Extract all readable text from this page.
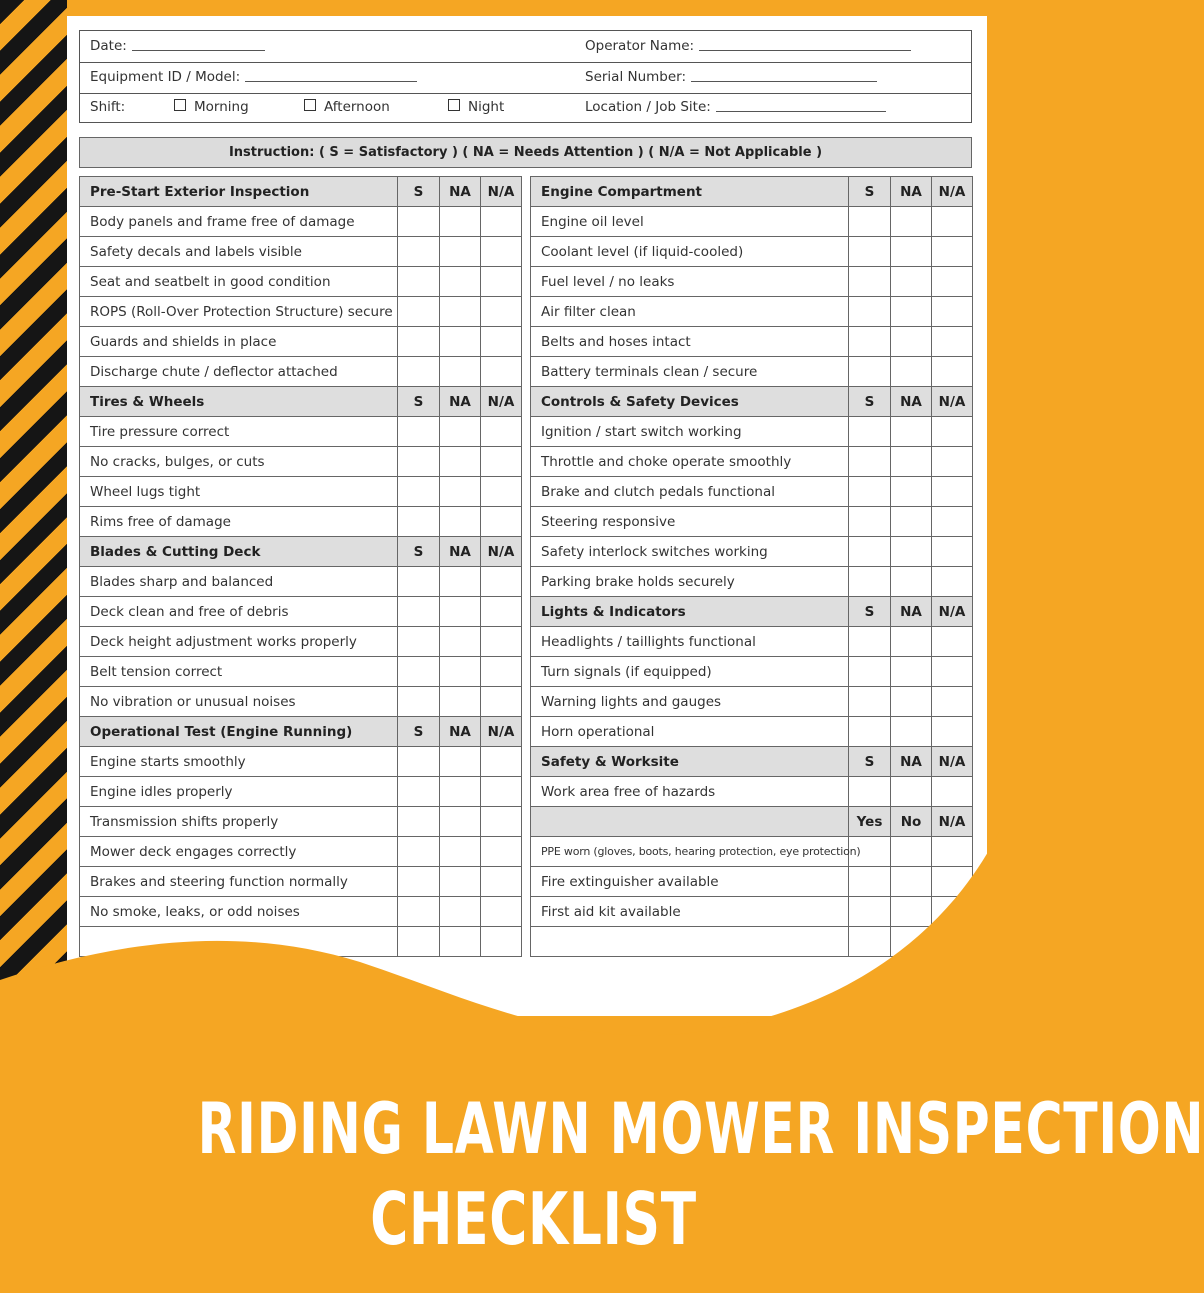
Date:	Operator Name:
Equipment ID / Model:	Serial Number:
Shift:	Morning	Afternoon	Night	Location / Job Site:
Instruction: ( S = Satisfactory ) ( NA = Needs Attention ) ( N/A = Not Applicable )
Pre-Start Exterior Inspection	S	NA	N/A
Body panels and frame free of damage			
Safety decals and labels visible			
Seat and seatbelt in good condition			
ROPS (Roll-Over Protection Structure) secure			
Guards and shields in place			
Discharge chute / deflector attached			
Tires & Wheels	S	NA	N/A
Tire pressure correct			
No cracks, bulges, or cuts			
Wheel lugs tight			
Rims free of damage			
Blades & Cutting Deck	S	NA	N/A
Blades sharp and balanced			
Deck clean and free of debris			
Deck height adjustment works properly			
Belt tension correct			
No vibration or unusual noises			
Operational Test (Engine Running)	S	NA	N/A
Engine starts smoothly			
Engine idles properly			
Transmission shifts properly			
Mower deck engages correctly			
Brakes and steering function normally			
No smoke, leaks, or odd noises			

Engine Compartment	S	NA	N/A
Engine oil level			
Coolant level (if liquid-cooled)			
Fuel level / no leaks			
Air filter clean			
Belts and hoses intact			
Battery terminals clean / secure			
Controls & Safety Devices	S	NA	N/A
Ignition / start switch working			
Throttle and choke operate smoothly			
Brake and clutch pedals functional			
Steering responsive			
Safety interlock switches working			
Parking brake holds securely			
Lights & Indicators	S	NA	N/A
Headlights / taillights functional			
Turn signals (if equipped)			
Warning lights and gauges			
Horn operational			
Safety & Worksite	S	NA	N/A
Work area free of hazards			
	Yes	No	N/A
PPE worn (gloves, boots, hearing protection, eye protection)			
Fire extinguisher available			
First aid kit available			

RIDING LAWN MOWER INSPECTION
CHECKLIST
